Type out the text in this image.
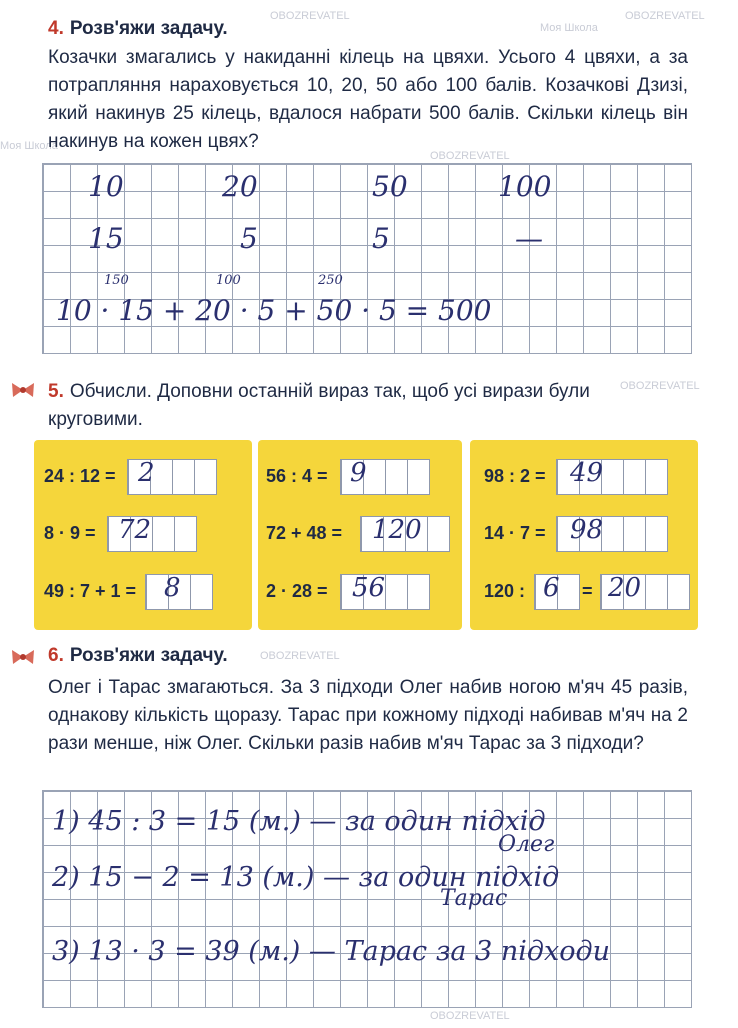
OBOZREVATEL	OBOZREVATEL
Моя Школа
Моя Школа
OBOZREVATEL
OBOZREVATEL
OBOZREVATEL
OBOZREVATEL
4. Розв'яжи задачу.
Козачки змагались у накиданні кілець на цвяхи. Усього 4 цвяхи, а за потрапляння нараховується 10, 20, 50 або 100 балів. Козачкові Дзизі, який накинув 25 кілець, вдалося набрати 500 балів. Скільки кілець він накинув на кожен цвях?
10	20	50	100
15	5	5	—
150	100	250
10 · 15 + 20 · 5 + 50 · 5 = 500
5. Обчисли. Доповни останній вираз так, щоб усі вирази були круговими.
24 : 12 = 2
8 · 9 = 72
49 : 7 + 1 = 8
56 : 4 = 9
72 + 48 = 120
2 · 28 = 56
98 : 2 = 49
14 · 7 = 98
120 : 6 = 20
6. Розв'яжи задачу.
Олег і Тарас змагаються. За 3 підходи Олег набив ногою м'яч 45 разів, однакову кількість щоразу. Тарас при кожному підході набивав м'яч на 2 рази менше, ніж Олег. Скільки разів набив м'яч Тарас за 3 підходи?
1) 45 : 3 = 15 (м.) — за один підхід
Олег
2) 15 − 2 = 13 (м.) — за один підхід
Тарас
3) 13 · 3 = 39 (м.) — Тарас за 3 підходи
